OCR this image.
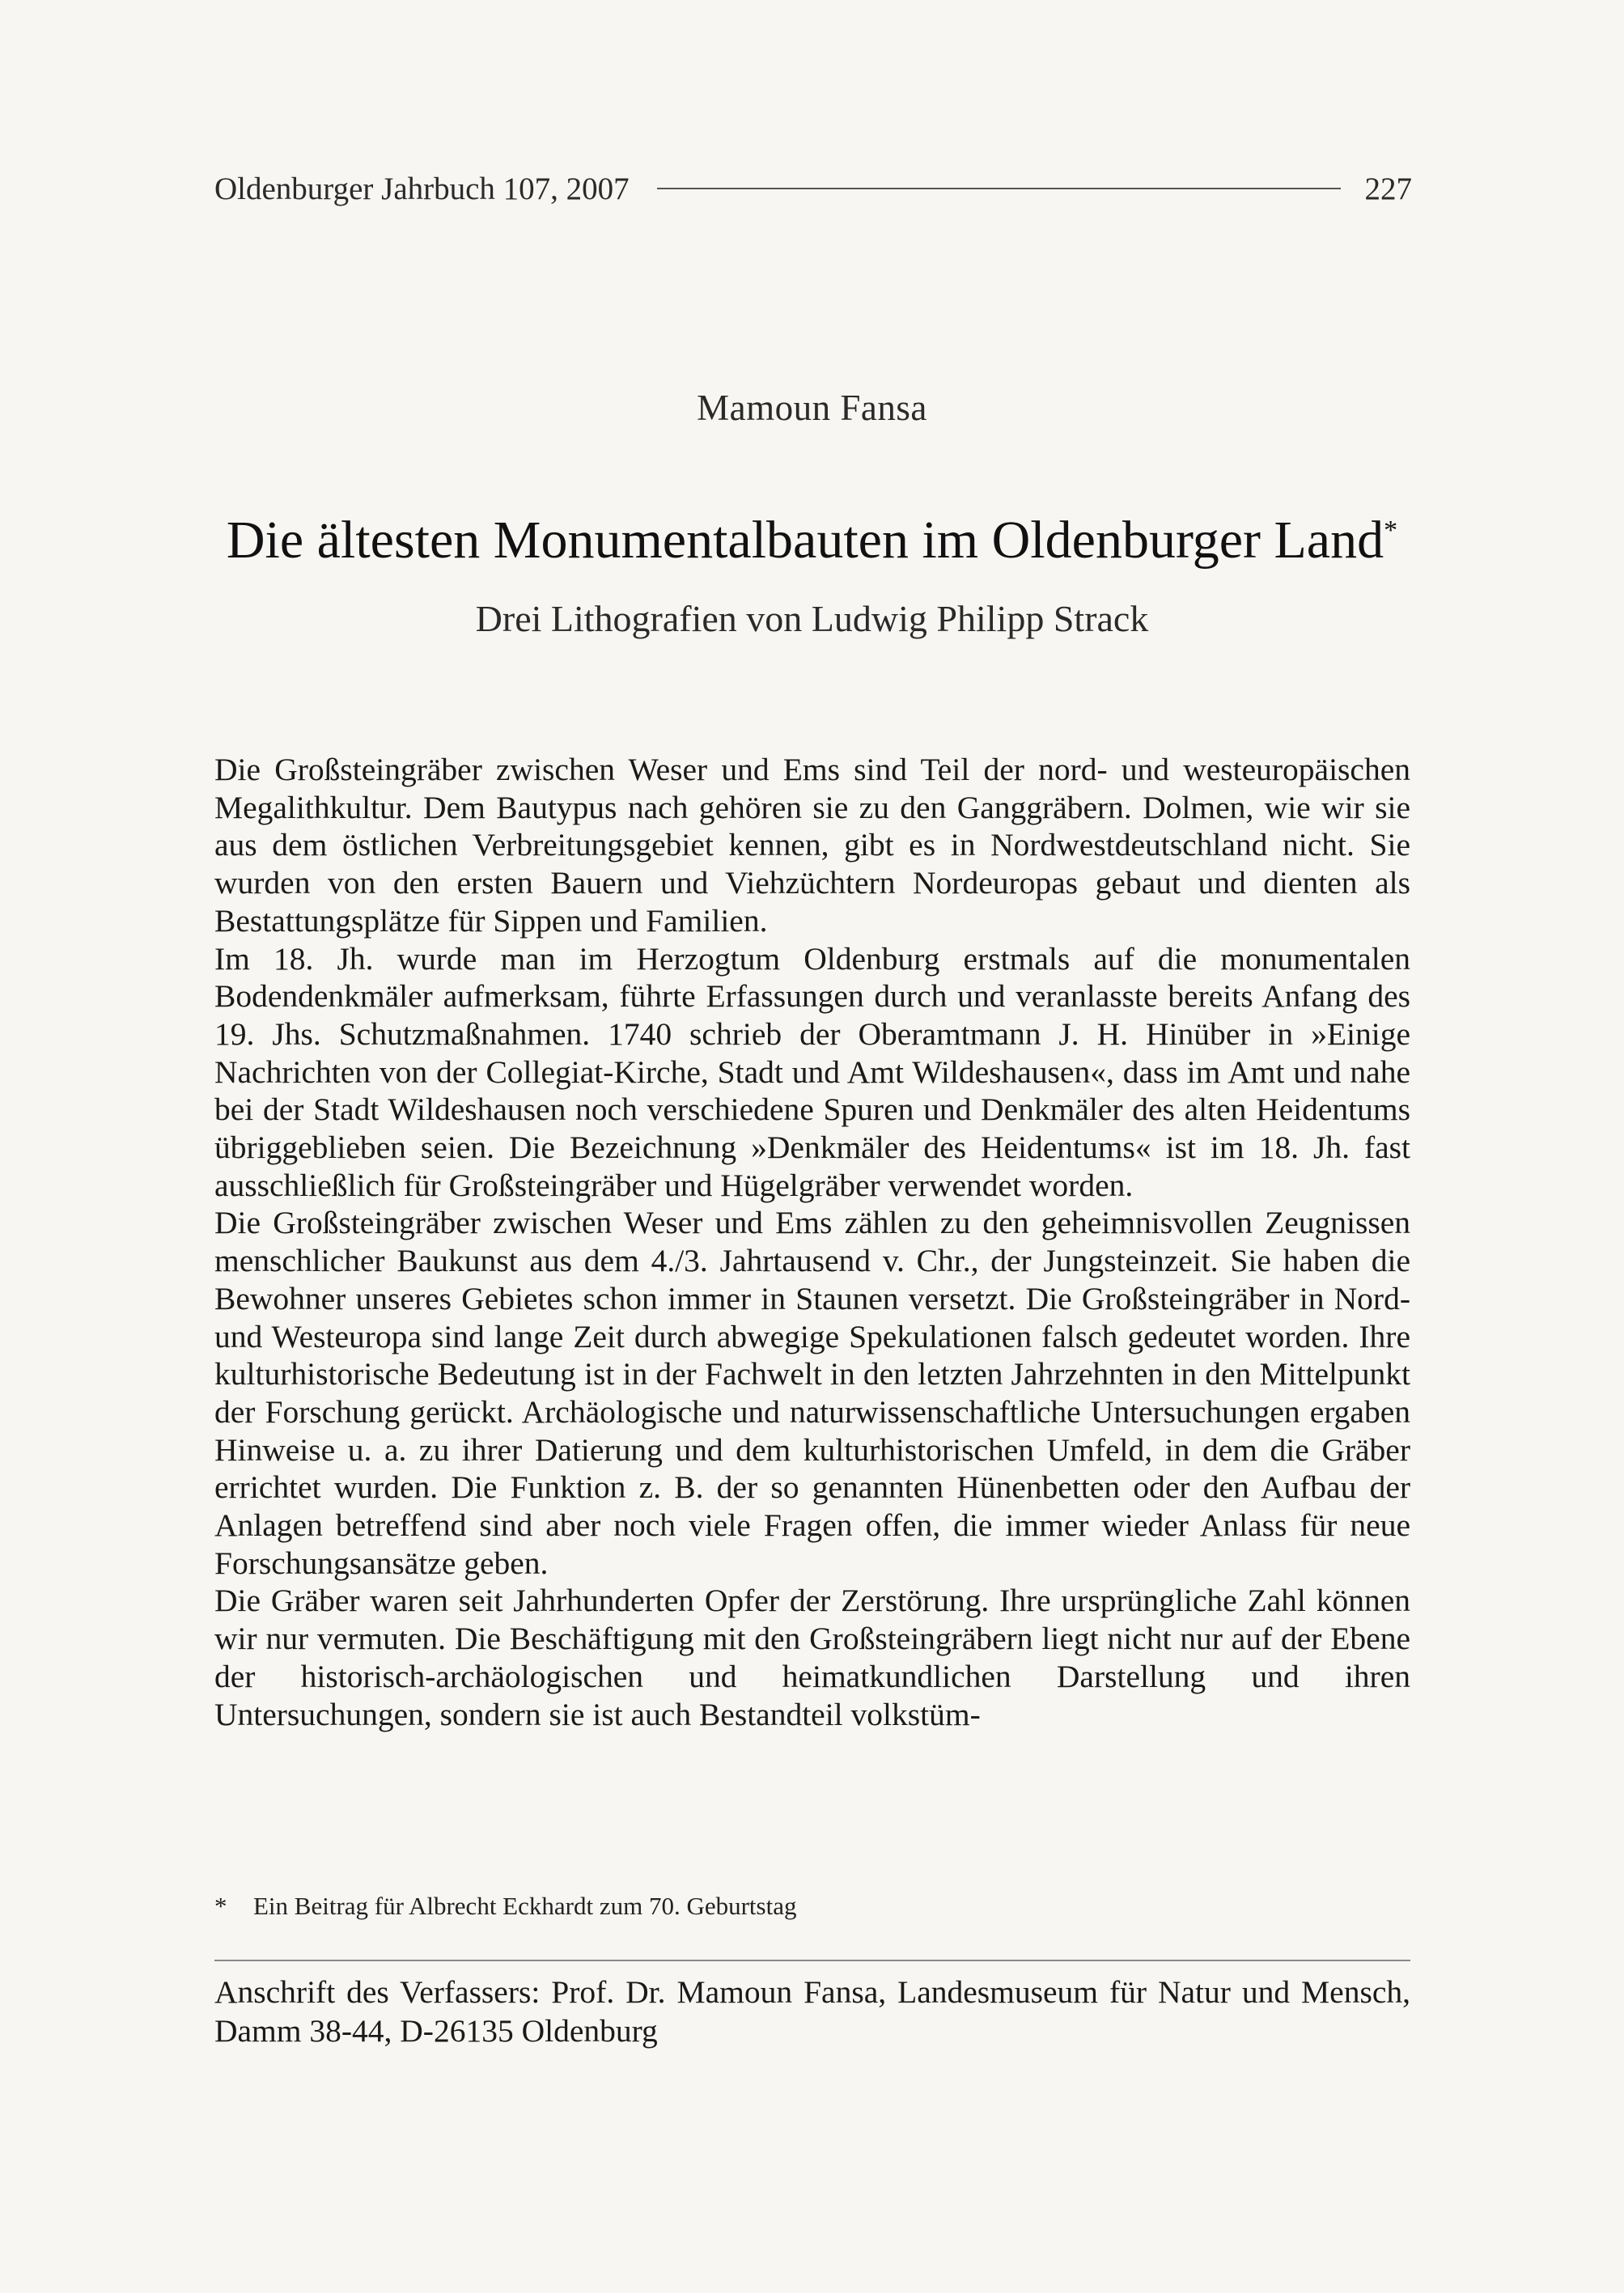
Oldenburger Jahrbuch 107, 2007	227
Mamoun Fansa
Die ältesten Monumentalbauten im Oldenburger Land*
Drei Lithografien von Ludwig Philipp Strack

Die Großsteingräber zwischen Weser und Ems sind Teil der nord- und westeuropäischen Megalithkultur. Dem Bautypus nach gehören sie zu den Ganggräbern. Dolmen, wie wir sie aus dem östlichen Verbreitungsgebiet kennen, gibt es in Nordwestdeutschland nicht. Sie wurden von den ersten Bauern und Viehzüchtern Nordeuropas gebaut und dienten als Bestattungsplätze für Sippen und Familien.

Im 18. Jh. wurde man im Herzogtum Oldenburg erstmals auf die monumentalen Bodendenkmäler aufmerksam, führte Erfassungen durch und veranlasste bereits Anfang des 19. Jhs. Schutzmaßnahmen. 1740 schrieb der Oberamtmann J. H. Hinüber in »Einige Nachrichten von der Collegiat-Kirche, Stadt und Amt Wildeshausen«, dass im Amt und nahe bei der Stadt Wildeshausen noch verschiedene Spuren und Denkmäler des alten Heidentums übriggeblieben seien. Die Bezeichnung »Denkmäler des Heidentums« ist im 18. Jh. fast ausschließlich für Großsteingräber und Hügelgräber verwendet worden.

Die Großsteingräber zwischen Weser und Ems zählen zu den geheimnisvollen Zeugnissen menschlicher Baukunst aus dem 4./3. Jahrtausend v. Chr., der Jungsteinzeit. Sie haben die Bewohner unseres Gebietes schon immer in Staunen versetzt. Die Großsteingräber in Nord- und Westeuropa sind lange Zeit durch abwegige Spekulationen falsch gedeutet worden. Ihre kulturhistorische Bedeutung ist in der Fachwelt in den letzten Jahrzehnten in den Mittelpunkt der Forschung gerückt. Archäologische und naturwissenschaftliche Untersuchungen ergaben Hinweise u. a. zu ihrer Datierung und dem kulturhistorischen Umfeld, in dem die Gräber errichtet wurden. Die Funktion z. B. der so genannten Hünenbetten oder den Aufbau der Anlagen betreffend sind aber noch viele Fragen offen, die immer wieder Anlass für neue Forschungsansätze geben.

Die Gräber waren seit Jahrhunderten Opfer der Zerstörung. Ihre ursprüngliche Zahl können wir nur vermuten. Die Beschäftigung mit den Großsteingräbern liegt nicht nur auf der Ebene der historisch-archäologischen und heimatkundlichen Darstellung und ihren Untersuchungen, sondern sie ist auch Bestandteil volkstüm-

* Ein Beitrag für Albrecht Eckhardt zum 70. Geburtstag
Anschrift des Verfassers: Prof. Dr. Mamoun Fansa, Landesmuseum für Natur und Mensch, Damm 38-44, D-26135 Oldenburg
